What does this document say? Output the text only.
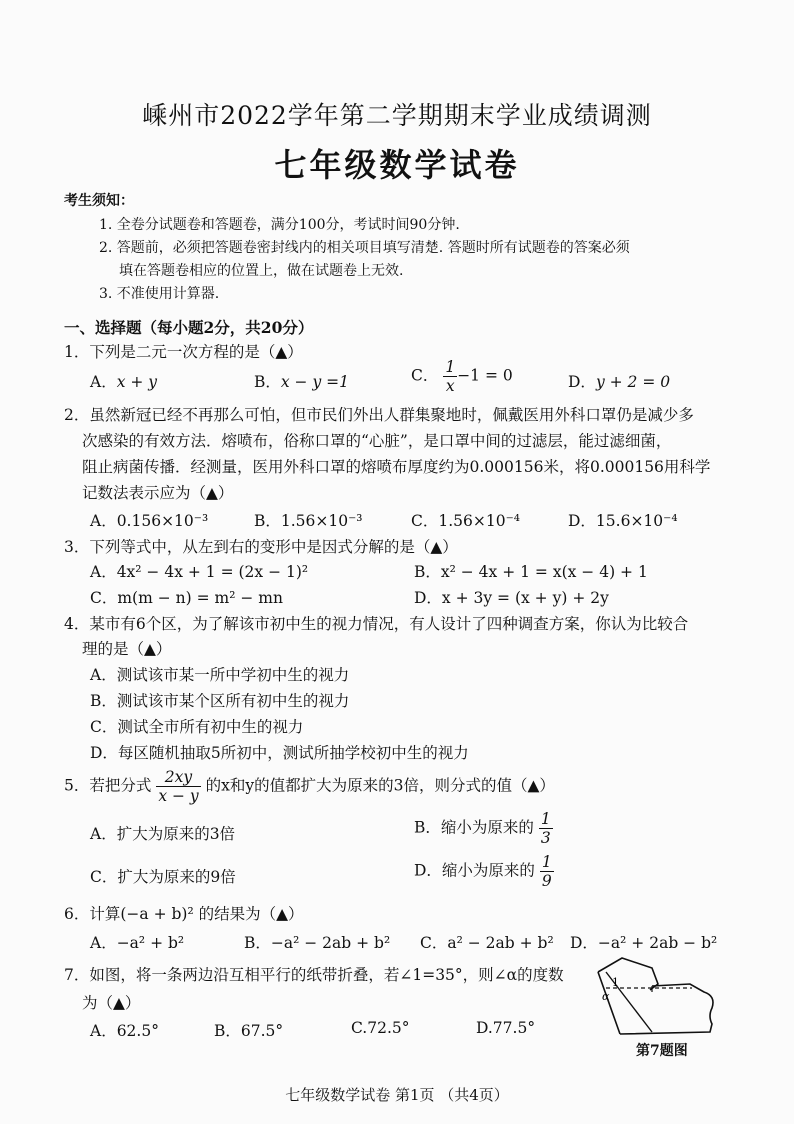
嵊州市2022学年第二学期期末学业成绩调测
七年级数学试卷
考生须知：
1. 全卷分试题卷和答题卷，满分100分，考试时间90分钟.
2. 答题前，必须把答题卷密封线内的相关项目填写清楚. 答题时所有试题卷的答案必须
填在答题卷相应的位置上，做在试题卷上无效.
3. 不准使用计算器.
一、选择题（每小题2分，共20分）
1．下列是二元一次方程的是（▲）
A．x + y	B．x − y =1	C． $\frac{1}{x} -1 = 0$	D．y + 2 = 0
2．虽然新冠已经不再那么可怕，但市民们外出人群集聚地时，佩戴医用外科口罩仍是减少多
次感染的有效方法．熔喷布，俗称口罩的“心脏”，是口罩中间的过滤层，能过滤细菌，
阻止病菌传播．经测量，医用外科口罩的熔喷布厚度约为0.000156米，将0.000156用科学
记数法表示应为（▲）
A．0.156×10⁻³	B．1.56×10⁻³	C．1.56×10⁻⁴	D．15.6×10⁻⁴
3．下列等式中，从左到右的变形中是因式分解的是（▲）
A．4x² − 4x + 1 = (2x − 1)²	B．x² − 4x + 1 = x(x − 4) + 1
C．m(m − n) = m² − mn	D．x + 3y = (x + y) + 2y
4．某市有6个区，为了解该市初中生的视力情况，有人设计了四种调查方案，你认为比较合
理的是（▲）
A．测试该市某一所中学初中生的视力
B．测试该市某个区所有初中生的视力
C．测试全市所有初中生的视力
D．每区随机抽取5所初中，测试所抽学校初中生的视力
5．若把分式 $\frac{2xy}{x - y}$ 的x和y的值都扩大为原来的3倍，则分式的值（▲）
A．扩大为原来的3倍	B．缩小为原来的 $\frac{1}{3}$
C．扩大为原来的9倍	D．缩小为原来的 $\frac{1}{9}$
6．计算(−a + b)² 的结果为（▲）
A．−a² + b²	B．−a² − 2ab + b² C．a² − 2ab + b² D．−a² + 2ab − b²
7．如图，将一条两边沿互相平行的纸带折叠，若∠1=35°，则∠α的度数
为（▲）
A．62.5°	B．67.5°	C.72.5°	D.77.5°
1
α
第7题图
七年级数学试卷 第1页 （共4页）
